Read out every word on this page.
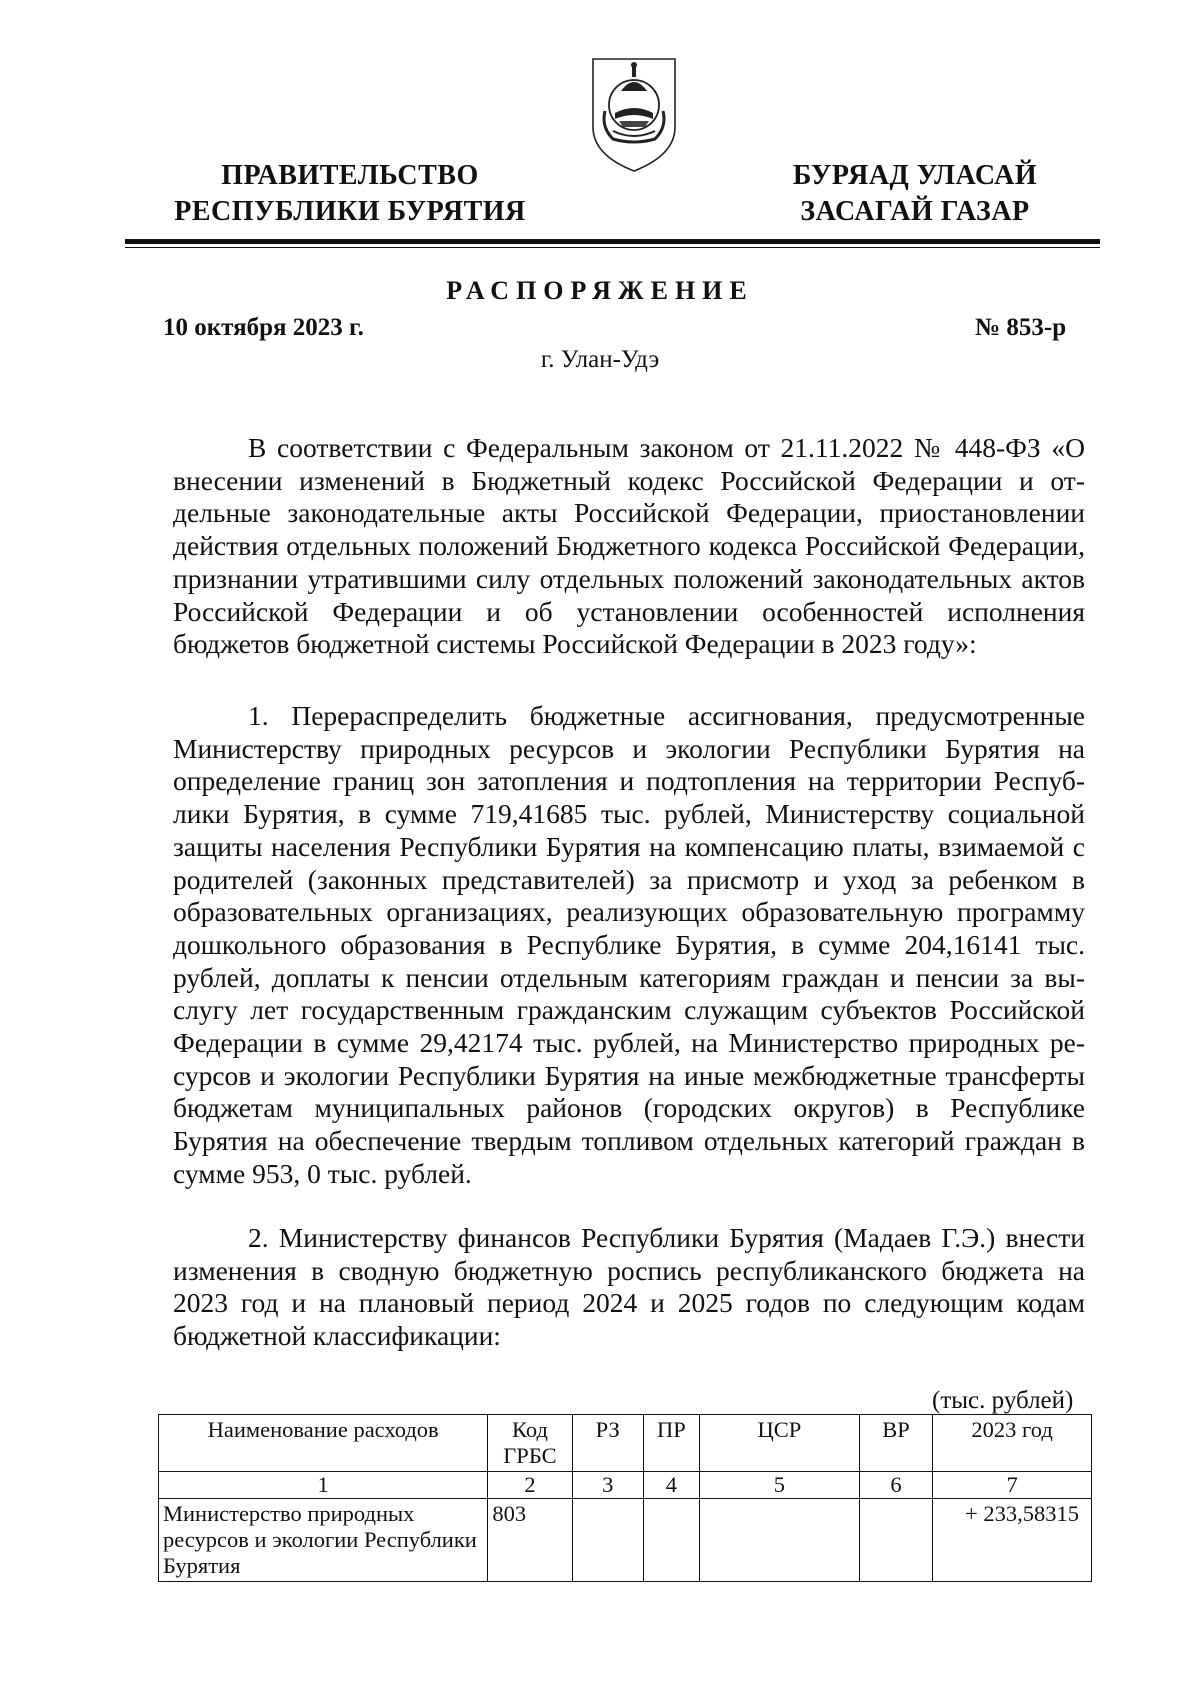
ПРАВИТЕЛЬСТВО
РЕСПУБЛИКИ БУРЯТИЯ
БУРЯАД УЛАСАЙ
ЗАСАГАЙ ГАЗАР
РАСПОРЯЖЕНИЕ
10 октября 2023 г.	№ 853-р
г. Улан-Удэ
В соответствии с Федеральным законом от 21.11.2022 № 448-ФЗ «О внесении изменений в Бюджетный кодекс Российской Федерации и отдельные законодательные акты Российской Федерации, приостановлении действия отдельных положений Бюджетного кодекса Российской Федерации, признании утратившими силу отдельных положений законодательных актов Российской Федерации и об установлении особенностей исполнения бюджетов бюджетной системы Российской Федерации в 2023 году»:
1. Перераспределить бюджетные ассигнования, предусмотренные Министерству природных ресурсов и экологии Республики Бурятия на определение границ зон затопления и подтопления на территории Республики Бурятия, в сумме 719,41685 тыс. рублей, Министерству социальной защиты населения Республики Бурятия на компенсацию платы, взимаемой с родителей (законных представителей) за присмотр и уход за ребенком в образовательных организациях, реализующих образовательную программу дошкольного образования в Республике Бурятия, в сумме 204,16141 тыс. рублей, доплаты к пенсии отдельным категориям граждан и пенсии за выслугу лет государственным гражданским служащим субъектов Российской Федерации в сумме 29,42174 тыс. рублей, на Министерство природных ресурсов и экологии Республики Бурятия на иные межбюджетные трансферты бюджетам муниципальных районов (городских округов) в Республике Бурятия на обеспечение твердым топливом отдельных категорий граждан в сумме 953, 0 тыс. рублей.
2. Министерству финансов Республики Бурятия (Мадаев Г.Э.) внести изменения в сводную бюджетную роспись республиканского бюджета на 2023 год и на плановый период 2024 и 2025 годов по следующим кодам бюджетной классификации:
(тыс. рублей)
Наименование расходов	Код ГРБС	РЗ	ПР	ЦСР	ВР	2023 год
1	2	3	4	5	6	7
Министерство природных ресурсов и экологии Республики Бурятия	803					+ 233,58315
